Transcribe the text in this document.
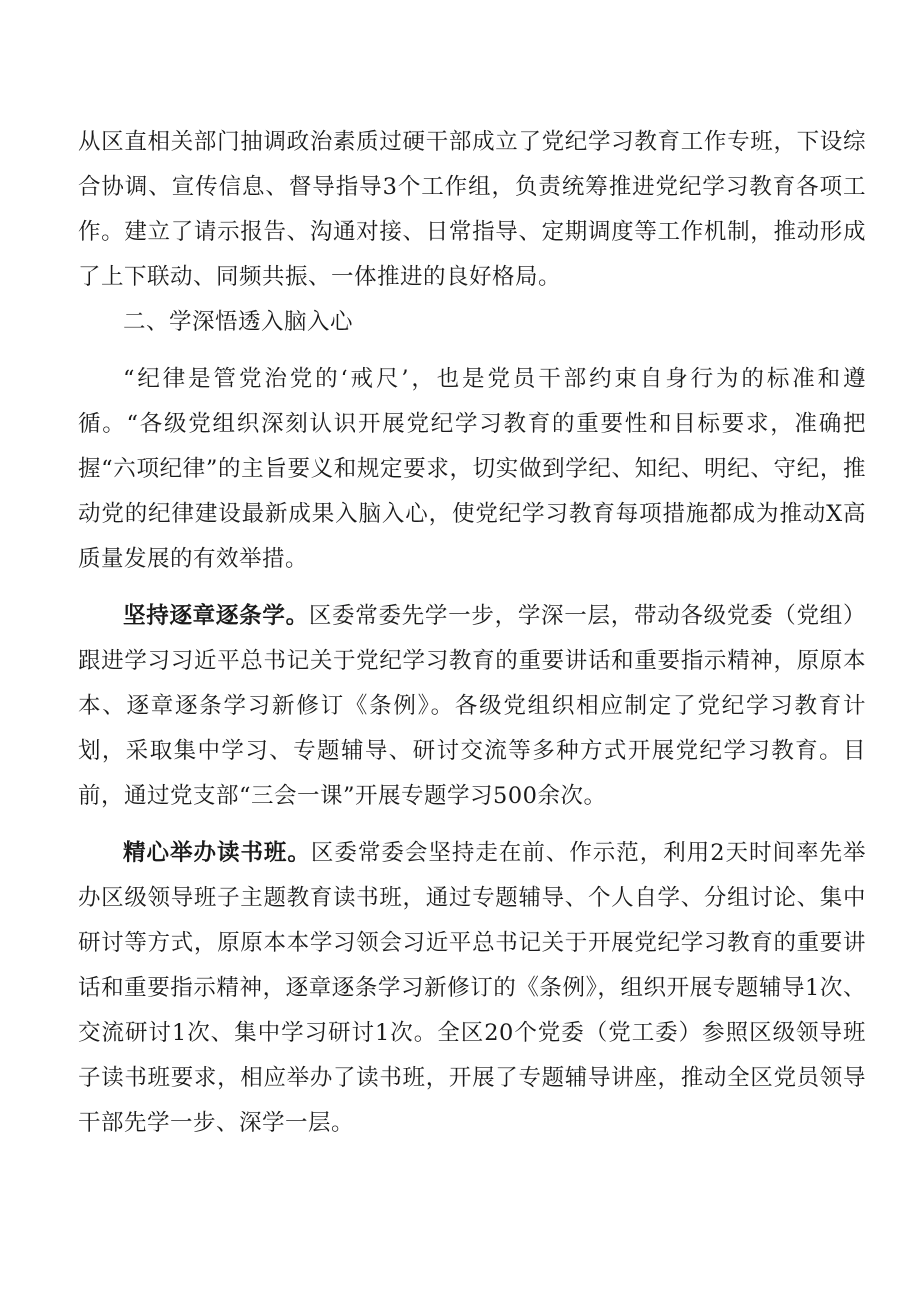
从区直相关部门抽调政治素质过硬干部成立了党纪学习教育工作专班，下设综合协调、宣传信息、督导指导3个工作组，负责统筹推进党纪学习教育各项工作。建立了请示报告、沟通对接、日常指导、定期调度等工作机制，推动形成了上下联动、同频共振、一体推进的良好格局。

二、学深悟透入脑入心

“纪律是管党治党的‘戒尺’，也是党员干部约束自身行为的标准和遵循。“各级党组织深刻认识开展党纪学习教育的重要性和目标要求，准确把握“六项纪律”的主旨要义和规定要求，切实做到学纪、知纪、明纪、守纪，推动党的纪律建设最新成果入脑入心，使党纪学习教育每项措施都成为推动X高质量发展的有效举措。

坚持逐章逐条学。区委常委先学一步，学深一层，带动各级党委（党组）跟进学习习近平总书记关于党纪学习教育的重要讲话和重要指示精神，原原本本、逐章逐条学习新修订《条例》。各级党组织相应制定了党纪学习教育计划，采取集中学习、专题辅导、研讨交流等多种方式开展党纪学习教育。目前，通过党支部“三会一课”开展专题学习500余次。

精心举办读书班。区委常委会坚持走在前、作示范，利用2天时间率先举办区级领导班子主题教育读书班，通过专题辅导、个人自学、分组讨论、集中研讨等方式，原原本本学习领会习近平总书记关于开展党纪学习教育的重要讲话和重要指示精神，逐章逐条学习新修订的《条例》，组织开展专题辅导1次、交流研讨1次、集中学习研讨1次。全区20个党委（党工委）参照区级领导班子读书班要求，相应举办了读书班，开展了专题辅导讲座，推动全区党员领导干部先学一步、深学一层。
